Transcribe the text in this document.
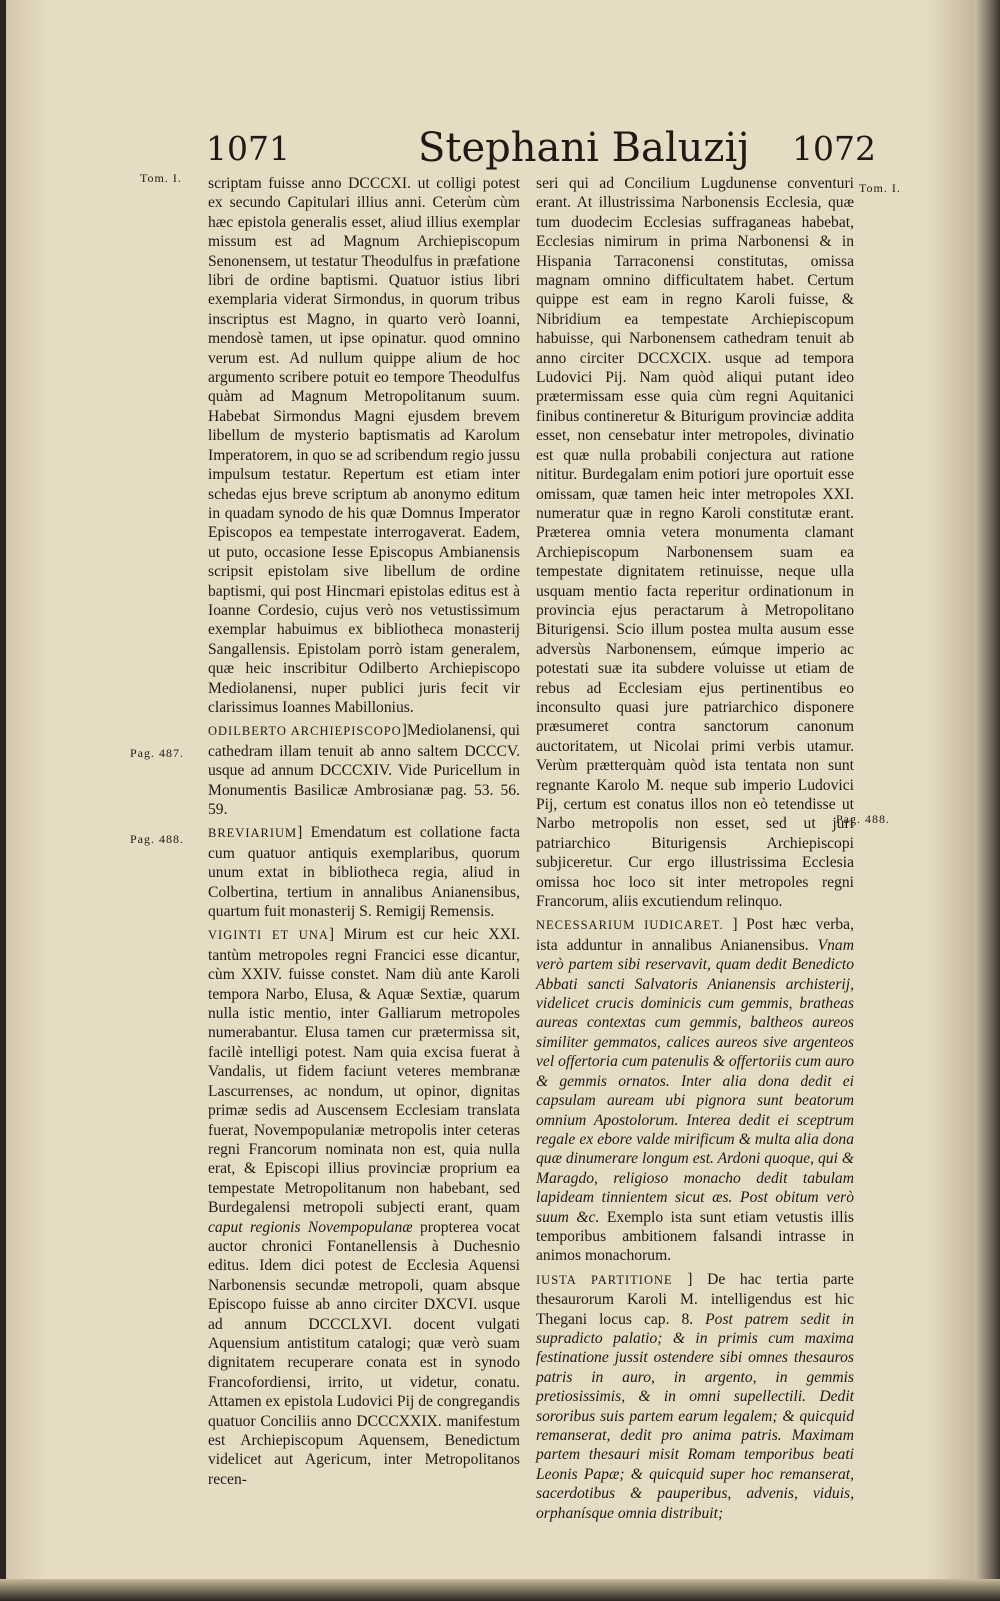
1071	Stephani Baluzij 1072
Tom. I.
Tom. I.
Pag. 487.
Pag. 488.
Pag. 488.

scriptam fuisse anno DCCCXI. ut colligi potest ex secundo Capitulari illius anni. Ceterùm cùm hæc epistola generalis esset, aliud illius exemplar missum est ad Magnum Archiepiscopum Senonensem, ut testatur Theodulfus in præfatione libri de ordine baptismi. Quatuor istius libri exemplaria viderat Sirmondus, in quorum tribus inscriptus est Magno, in quarto verò Ioanni, mendosè tamen, ut ipse opinatur. quod omnino verum est. Ad nullum quippe alium de hoc argumento scribere potuit eo tempore Theodulfus quàm ad Magnum Metropolitanum suum. Habebat Sirmondus Magni ejusdem brevem libellum de mysterio baptismatis ad Karolum Imperatorem, in quo se ad scribendum regio jussu impulsum testatur. Repertum est etiam inter schedas ejus breve scriptum ab anonymo editum in quadam synodo de his quæ Domnus Imperator Episcopos ea tempestate interrogaverat. Eadem, ut puto, occasione Iesse Episcopus Ambianensis scripsit epistolam sive libellum de ordine baptismi, qui post Hincmari epistolas editus est à Ioanne Cordesio, cujus verò nos vetustissimum exemplar habuimus ex bibliotheca monasterij Sangallensis. Epistolam porrò istam generalem, quæ heic inscribitur Odilberto Archiepiscopo Mediolanensi, nuper publici juris fecit vir clarissimus Ioannes Mabillonius.

ODILBERTO ARCHIEPISCOPO]Mediolanensi, qui cathedram illam tenuit ab anno saltem DCCCV. usque ad annum DCCCXIV. Vide Puricellum in Monumentis Basilicæ Ambrosianæ pag. 53. 56. 59.

BREVIARIUM] Emendatum est collatione facta cum quatuor antiquis exemplaribus, quorum unum extat in bibliotheca regia, aliud in Colbertina, tertium in annalibus Anianensibus, quartum fuit monasterij S. Remigij Remensis.

VIGINTI ET UNA] Mirum est cur heic XXI. tantùm metropoles regni Francici esse dicantur, cùm XXIV. fuisse constet. Nam diù ante Karoli tempora Narbo, Elusa, & Aquæ Sextiæ, quarum nulla istic mentio, inter Galliarum metropoles numerabantur. Elusa tamen cur prætermissa sit, facilè intelligi potest. Nam quia excisa fuerat à Vandalis, ut fidem faciunt veteres membranæ Lascurrenses, ac nondum, ut opinor, dignitas primæ sedis ad Auscensem Ecclesiam translata fuerat, Novempopulaniæ metropolis inter ceteras regni Francorum nominata non est, quia nulla erat, & Episcopi illius provinciæ proprium ea tempestate Metropolitanum non habebant, sed Burdegalensi metropoli subjecti erant, quam caput regionis Novempopulanæ propterea vocat auctor chronici Fontanellensis à Duchesnio editus. Idem dici potest de Ecclesia Aquensi Narbonensis secundæ metropoli, quam absque Episcopo fuisse ab anno circiter DXCVI. usque ad annum DCCCLXVI. docent vulgati Aquensium antistitum catalogi; quæ verò suam dignitatem recuperare conata est in synodo Francofordiensi, irrito, ut videtur, conatu. Attamen ex epistola Ludovici Pij de congregandis quatuor Conciliis anno DCCCXXIX. manifestum est Archiepiscopum Aquensem, Benedictum videlicet aut Agericum, inter Metropolitanos recen-

seri qui ad Concilium Lugdunense conventuri erant. At illustrissima Narbonensis Ecclesia, quæ tum duodecim Ecclesias suffraganeas habebat, Ecclesias nimirum in prima Narbonensi & in Hispania Tarraconensi constitutas, omissa magnam omnino difficultatem habet. Certum quippe est eam in regno Karoli fuisse, & Nibridium ea tempestate Archiepiscopum habuisse, qui Narbonensem cathedram tenuit ab anno circiter DCCXCIX. usque ad tempora Ludovici Pij. Nam quòd aliqui putant ideo prætermissam esse quia cùm regni Aquitanici finibus contineretur & Biturigum provinciæ addita esset, non censebatur inter metropoles, divinatio est quæ nulla probabili conjectura aut ratione nititur. Burdegalam enim potiori jure oportuit esse omissam, quæ tamen heic inter metropoles XXI. numeratur quæ in regno Karoli constitutæ erant. Præterea omnia vetera monumenta clamant Archiepiscopum Narbonensem suam ea tempestate dignitatem retinuisse, neque ulla usquam mentio facta reperitur ordinationum in provincia ejus peractarum à Metropolitano Biturigensi. Scio illum postea multa ausum esse adversùs Narbonensem, eúmque imperio ac potestati suæ ita subdere voluisse ut etiam de rebus ad Ecclesiam ejus pertinentibus eo inconsulto quasi jure patriarchico disponere præsumeret contra sanctorum canonum auctoritatem, ut Nicolai primi verbis utamur. Verùm prætterquàm quòd ista tentata non sunt regnante Karolo M. neque sub imperio Ludovici Pij, certum est conatus illos non eò tetendisse ut Narbo metropolis non esset, sed ut juri patriarchico Biturigensis Archiepiscopi subjiceretur. Cur ergo illustrissima Ecclesia omissa hoc loco sit inter metropoles regni Francorum, aliis excutiendum relinquo.

NECESSARIUM IUDICARET. ] Post hæc verba, ista adduntur in annalibus Anianensibus. Vnam verò partem sibi reservavit, quam dedit Benedicto Abbati sancti Salvatoris Anianensis archisterij, videlicet crucis dominicis cum gemmis, bratheas aureas contextas cum gemmis, baltheos aureos similiter gemmatos, calices aureos sive argenteos vel offertoria cum patenulis & offertoriis cum auro & gemmis ornatos. Inter alia dona dedit ei capsulam auream ubi pignora sunt beatorum omnium Apostolorum. Interea dedit ei sceptrum regale ex ebore valde mirificum & multa alia dona quæ dinumerare longum est. Ardoni quoque, qui & Maragdo, religioso monacho dedit tabulam lapideam tinnientem sicut æs. Post obitum verò suum &c. Exemplo ista sunt etiam vetustis illis temporibus ambitionem falsandi intrasse in animos monachorum.

IUSTA PARTITIONE ] De hac tertia parte thesaurorum Karoli M. intelligendus est hic Thegani locus cap. 8. Post patrem sedit in supradicto palatio; & in primis cum maxima festinatione jussit ostendere sibi omnes thesauros patris in auro, in argento, in gemmis pretiosissimis, & in omni supellectili. Dedit sororibus suis partem earum legalem; & quicquid remanserat, dedit pro anima patris. Maximam partem thesauri misit Romam temporibus beati Leonis Papæ; & quicquid super hoc remanserat, sacerdotibus & pauperibus, advenis, viduis, orphanísque omnia distribuit;
